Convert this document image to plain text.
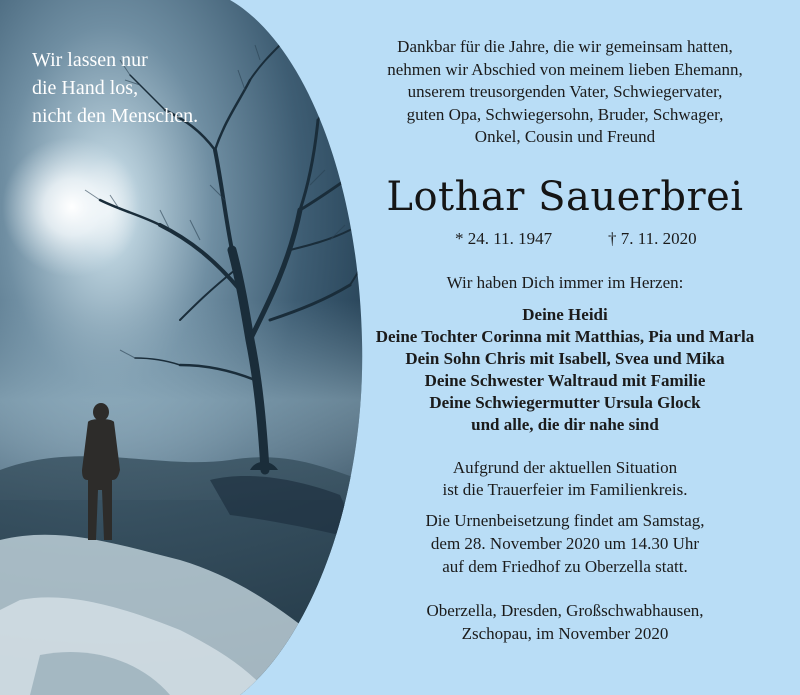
Wir lassen nur
die Hand los,
nicht den Menschen.
Dankbar für die Jahre, die wir gemeinsam hatten,
nehmen wir Abschied von meinem lieben Ehemann,
unserem treusorgenden Vater, Schwiegervater,
guten Opa, Schwiegersohn, Bruder, Schwager,
Onkel, Cousin und Freund
Lothar Sauerbrei
* 24. 11. 1947	† 7. 11. 2020
Wir haben Dich immer im Herzen:
Deine Heidi
Deine Tochter Corinna mit Matthias, Pia und Marla
Dein Sohn Chris mit Isabell, Svea und Mika
Deine Schwester Waltraud mit Familie
Deine Schwiegermutter Ursula Glock
und alle, die dir nahe sind
Aufgrund der aktuellen Situation
ist die Trauerfeier im Familienkreis.
Die Urnenbeisetzung findet am Samstag,
dem 28. November 2020 um 14.30 Uhr
auf dem Friedhof zu Oberzella statt.
Oberzella, Dresden, Großschwabhausen,
Zschopau, im November 2020
